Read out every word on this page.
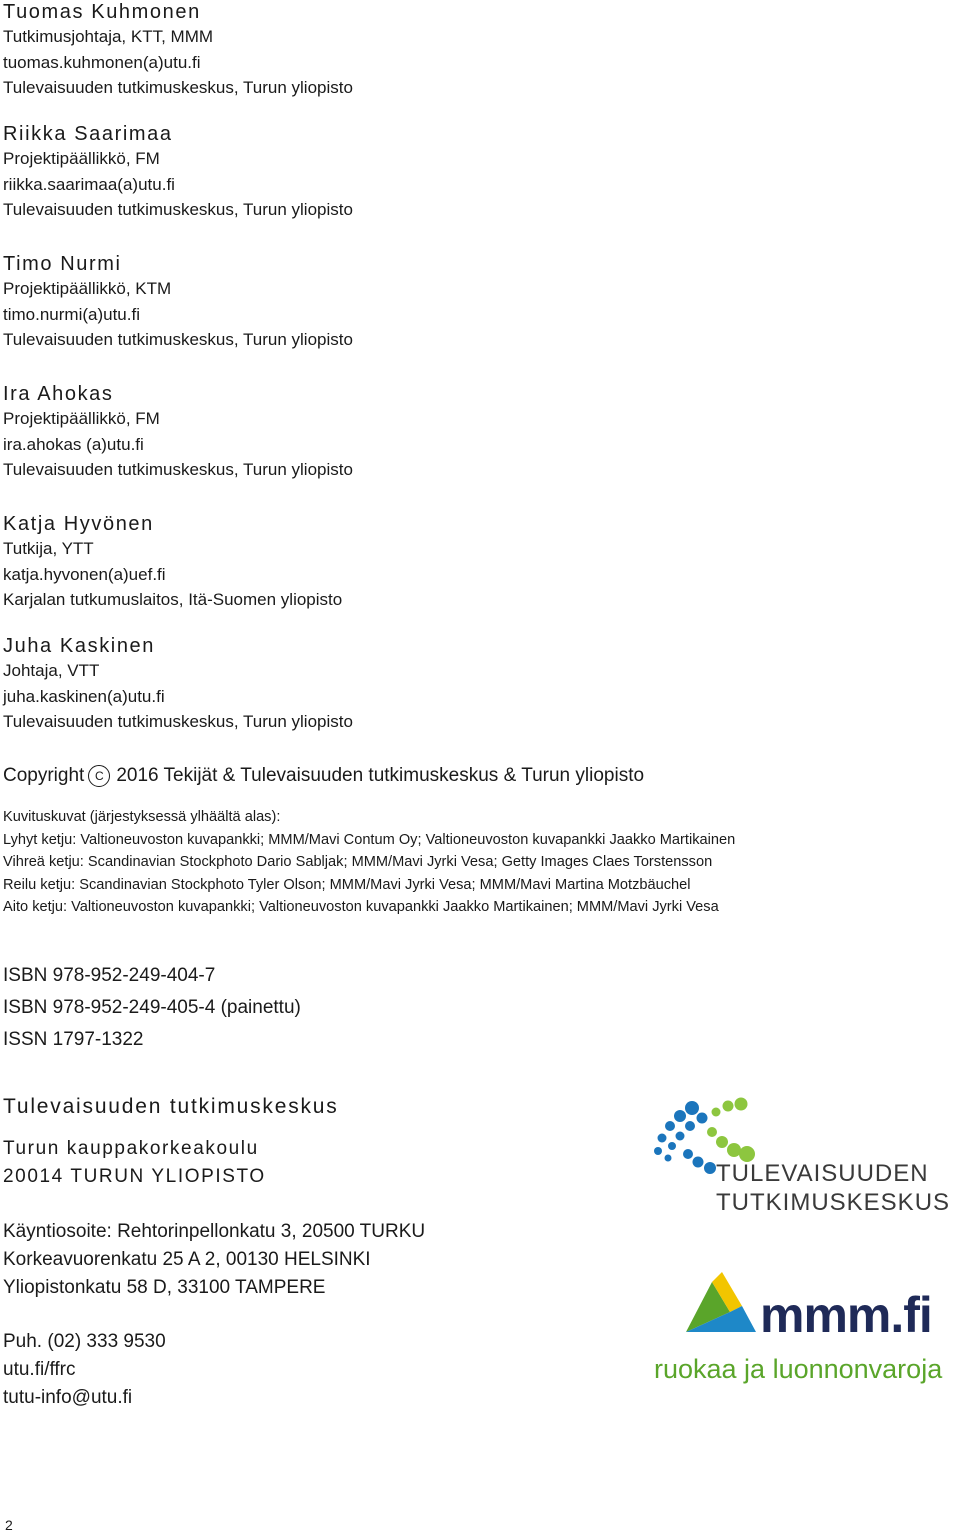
Tuomas Kuhmonen

Tutkimusjohtaja, KTT, MMM

tuomas.kuhmonen(a)utu.fi

Tulevaisuuden tutkimuskeskus, Turun yliopisto

Riikka Saarimaa

Projektipäällikkö, FM

riikka.saarimaa(a)utu.fi

Tulevaisuuden tutkimuskeskus, Turun yliopisto

Timo Nurmi

Projektipäällikkö, KTM

timo.nurmi(a)utu.fi

Tulevaisuuden tutkimuskeskus, Turun yliopisto

Ira Ahokas

Projektipäällikkö, FM

ira.ahokas (a)utu.fi

Tulevaisuuden tutkimuskeskus, Turun yliopisto

Katja Hyvönen

Tutkija, YTT

katja.hyvonen(a)uef.fi

Karjalan tutkumuslaitos, Itä-Suomen yliopisto

Juha Kaskinen

Johtaja, VTT

juha.kaskinen(a)utu.fi

Tulevaisuuden tutkimuskeskus, Turun yliopisto

Copyright C 2016 Tekijät & Tulevaisuuden tutkimuskeskus & Turun yliopisto
Kuvituskuvat (järjestyksessä ylhäältä alas):
Lyhyt ketju: Valtioneuvoston kuvapankki; MMM/Mavi Contum Oy; Valtioneuvoston kuvapankki Jaakko Martikainen
Vihreä ketju: Scandinavian Stockphoto Dario Sabljak; MMM/Mavi Jyrki Vesa; Getty Images Claes Torstensson
Reilu ketju: Scandinavian Stockphoto Tyler Olson; MMM/Mavi Jyrki Vesa; MMM/Mavi Martina Motzbäuchel
Aito ketju: Valtioneuvoston kuvapankki; Valtioneuvoston kuvapankki Jaakko Martikainen; MMM/Mavi Jyrki Vesa
ISBN 978-952-249-404-7
ISBN 978-952-249-405-4 (painettu)
ISSN 1797-1322

Tulevaisuuden tutkimuskeskus

Turun kauppakorkeakoulu

20014 TURUN YLIOPISTO

Käyntiosoite: Rehtorinpellonkatu 3, 20500 TURKU
Korkeavuorenkatu 25 A 2, 00130 HELSINKI
Yliopistonkatu 58 D, 33100 TAMPERE
Puh. (02) 333 9530
utu.fi/ffrc
tutu-info@utu.fi
TULEVAISUUDEN
TUTKIMUSKESKUS
mmm.fi
ruokaa ja luonnonvaroja
2
